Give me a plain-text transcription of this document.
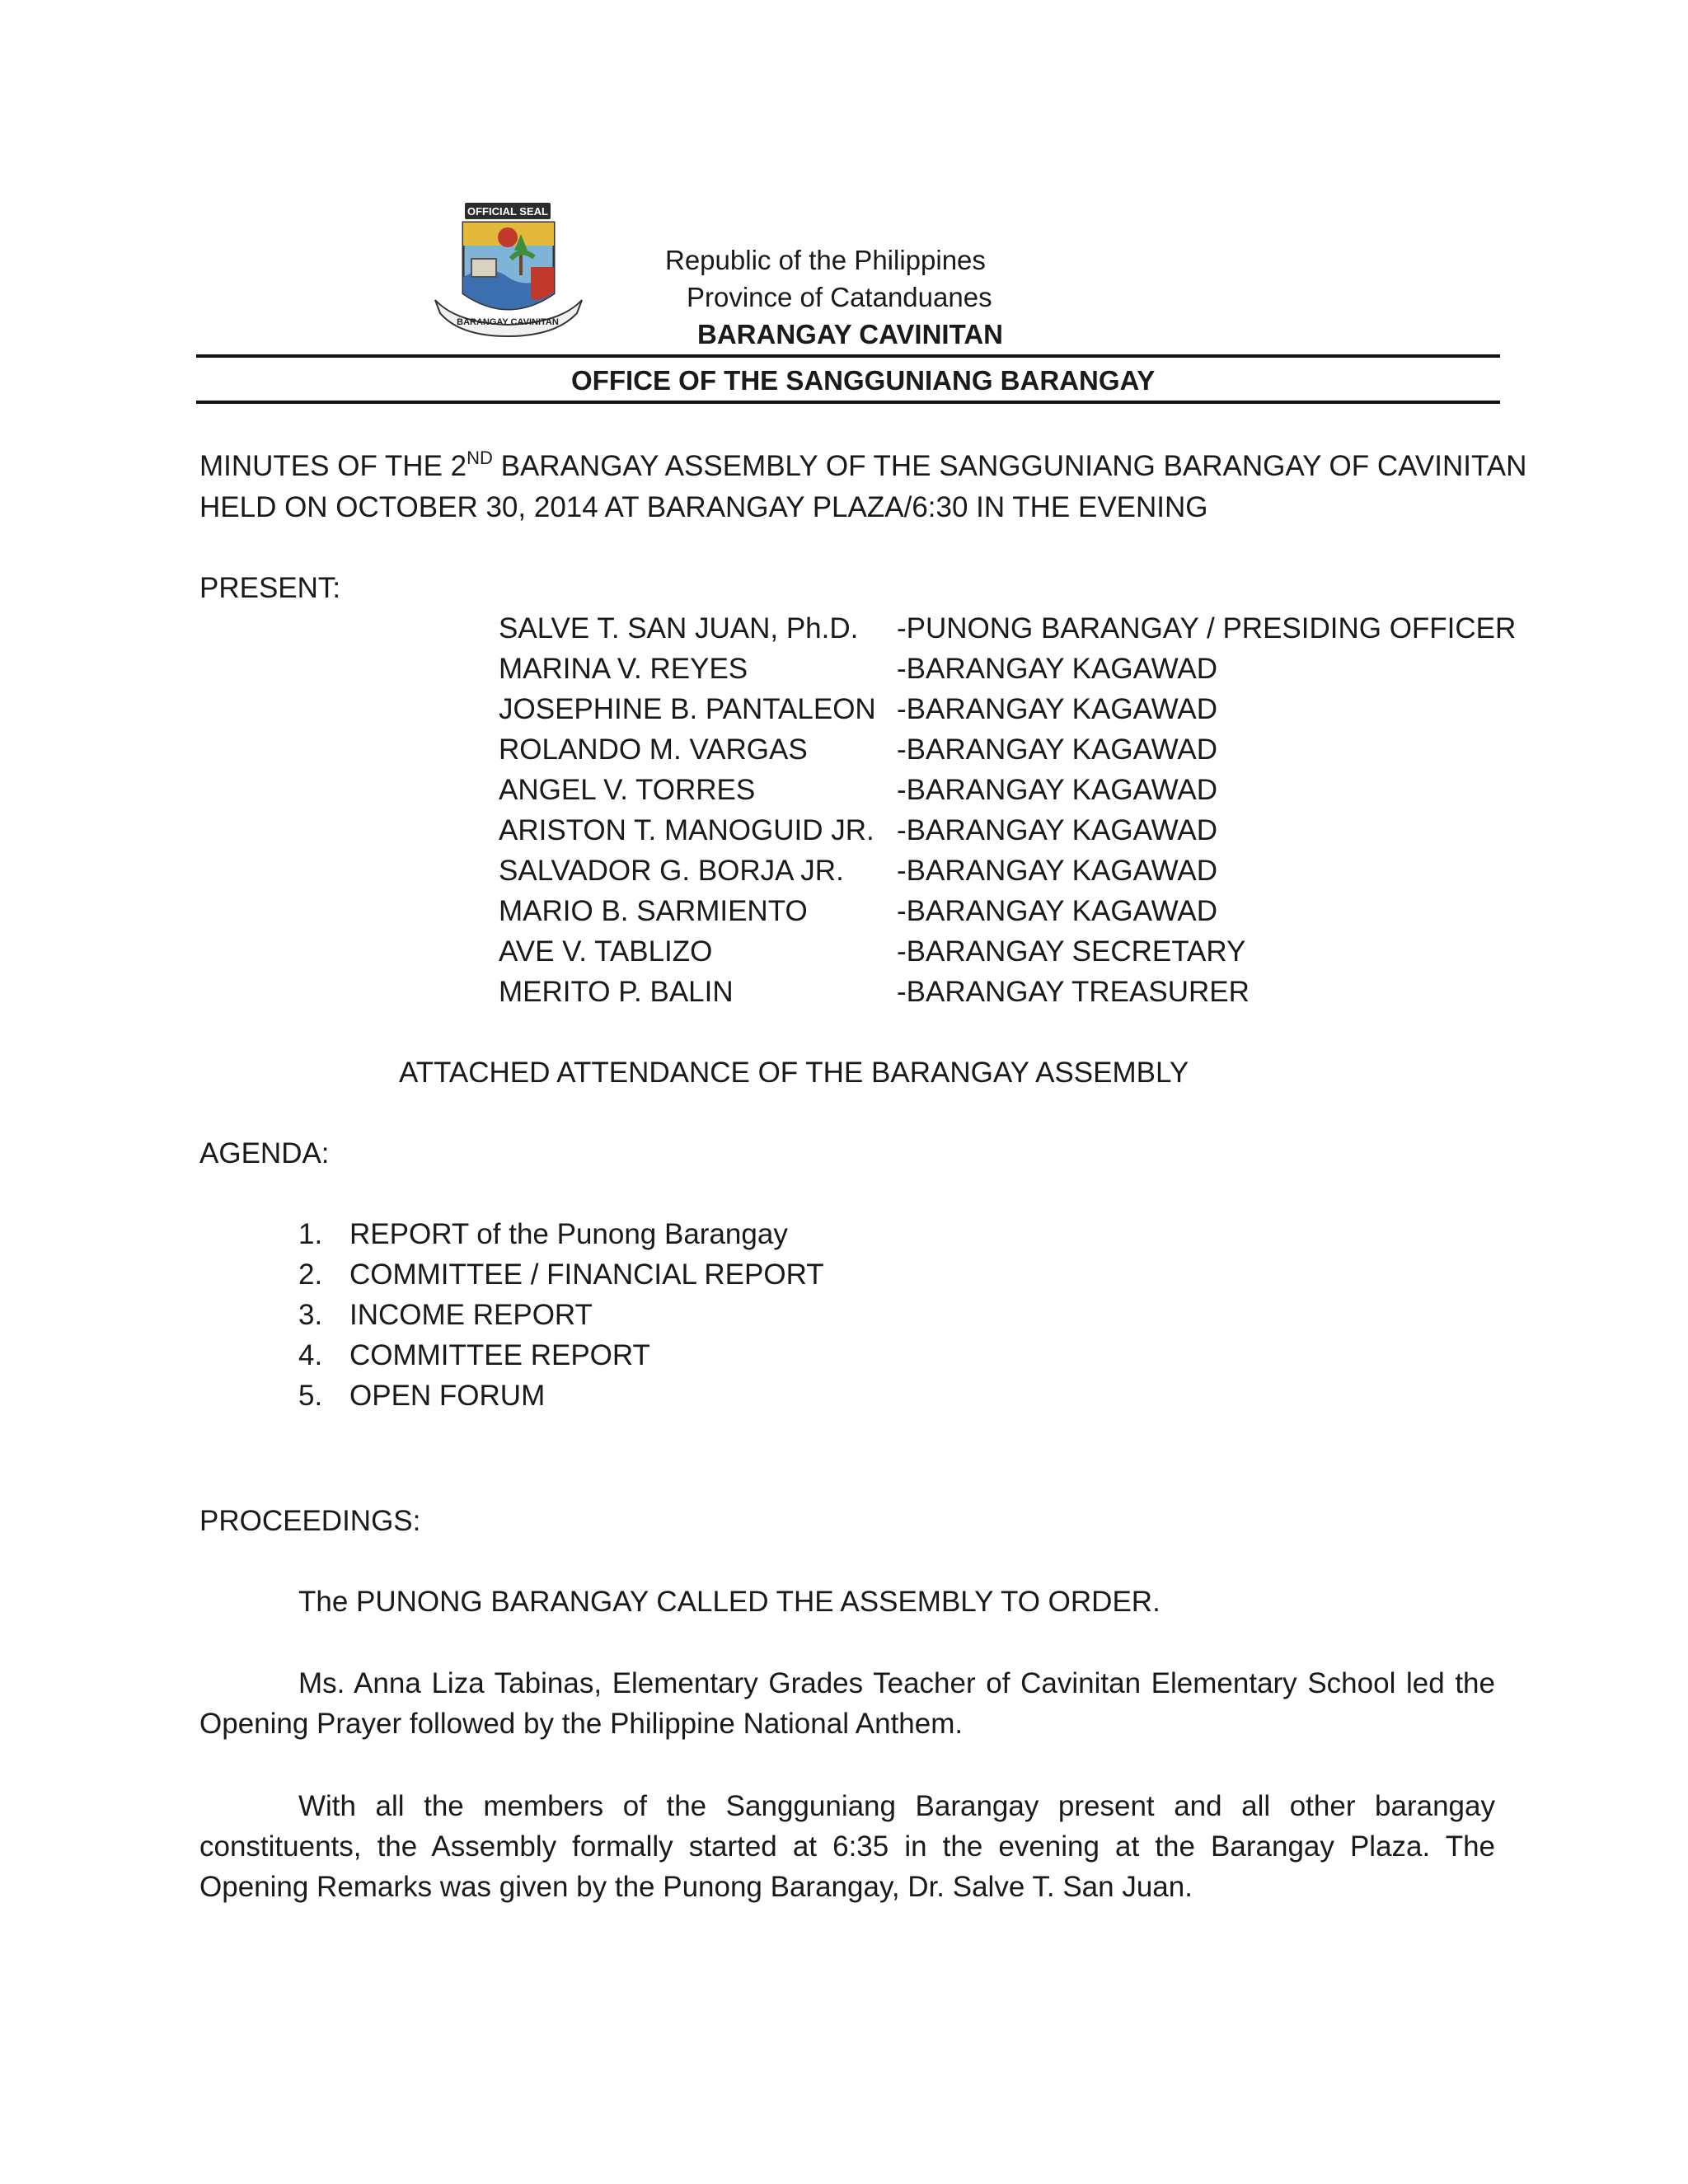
OFFICIAL SEAL
BARANGAY CAVINITAN
Republic of the Philippines
Province of Catanduanes
BARANGAY CAVINITAN
OFFICE OF THE SANGGUNIANG BARANGAY
MINUTES OF THE 2ND BARANGAY ASSEMBLY OF THE SANGGUNIANG BARANGAY OF CAVINITAN
HELD ON OCTOBER 30, 2014 AT BARANGAY PLAZA/6:30 IN THE EVENING
PRESENT:
SALVE T. SAN JUAN, Ph.D. -PUNONG BARANGAY / PRESIDING OFFICER
MARINA V. REYES	-BARANGAY KAGAWAD
JOSEPHINE B. PANTALEON -BARANGAY KAGAWAD
ROLANDO M. VARGAS	-BARANGAY KAGAWAD
ANGEL V. TORRES	-BARANGAY KAGAWAD
ARISTON T. MANOGUID JR. -BARANGAY KAGAWAD
SALVADOR G. BORJA JR. -BARANGAY KAGAWAD
MARIO B. SARMIENTO	-BARANGAY KAGAWAD
AVE V. TABLIZO	-BARANGAY SECRETARY
MERITO P. BALIN	-BARANGAY TREASURER
ATTACHED ATTENDANCE OF THE BARANGAY ASSEMBLY
AGENDA:
1. REPORT of the Punong Barangay
2. COMMITTEE / FINANCIAL REPORT
3. INCOME REPORT
4. COMMITTEE REPORT
5. OPEN FORUM
PROCEEDINGS:
The PUNONG BARANGAY CALLED THE ASSEMBLY TO ORDER.
Ms. Anna Liza Tabinas, Elementary Grades Teacher of Cavinitan Elementary School led the Opening Prayer followed by the Philippine National Anthem.
With all the members of the Sangguniang Barangay present and all other barangay constituents, the Assembly formally started at 6:35 in the evening at the Barangay Plaza. The Opening Remarks was given by the Punong Barangay, Dr. Salve T. San Juan.
